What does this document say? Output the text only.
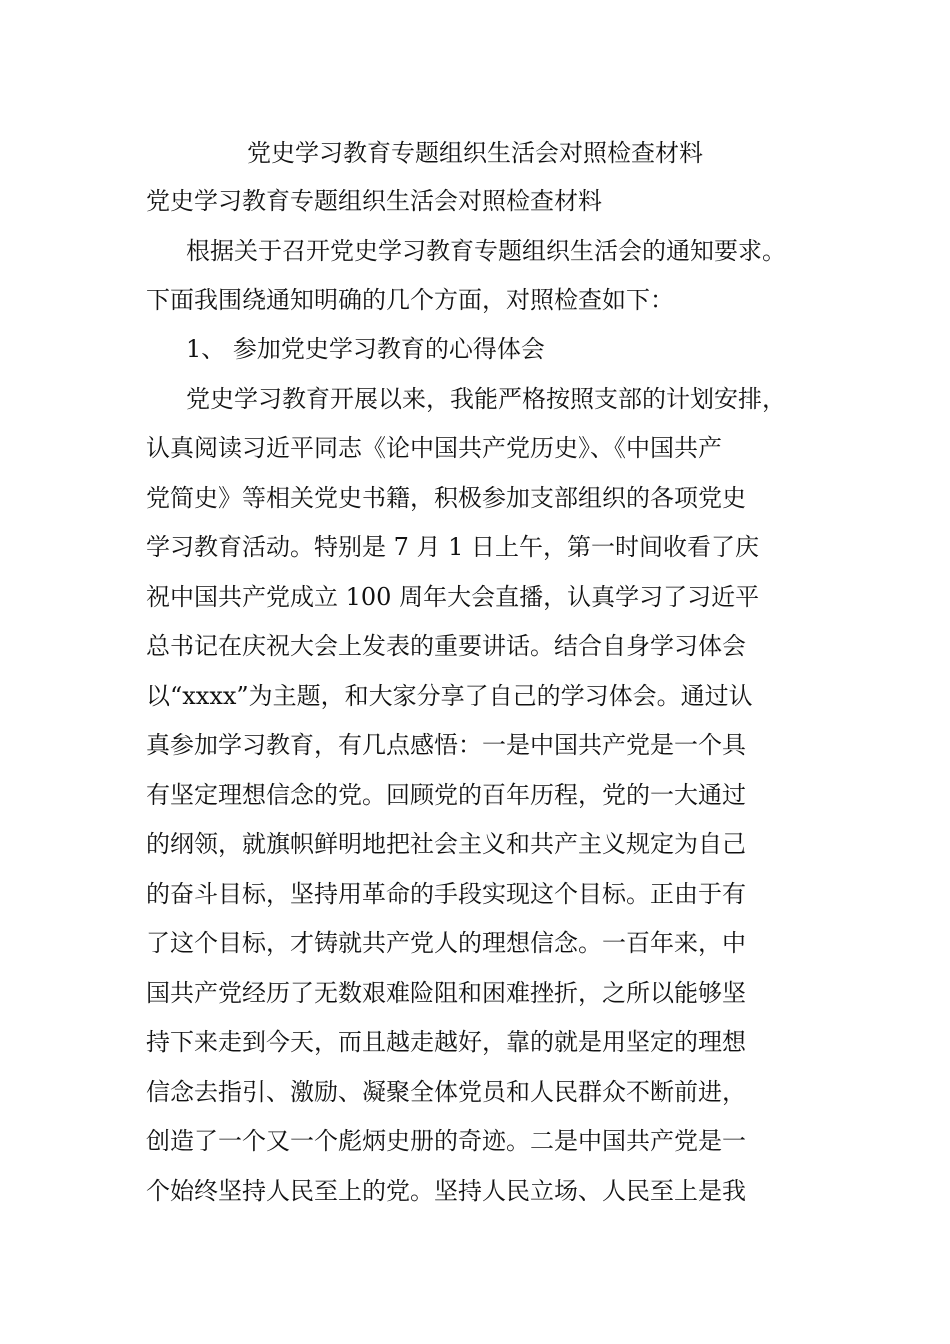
党史学习教育专题组织生活会对照检查材料
党史学习教育专题组织生活会对照检查材料
根据关于召开党史学习教育专题组织生活会的通知要求。
下面我围绕通知明确的几个方面，对照检查如下：
1、 参加党史学习教育的心得体会
党史学习教育开展以来，我能严格按照支部的计划安排，
认真阅读习近平同志《论中国共产党历史》、《中国共产
党简史》等相关党史书籍，积极参加支部组织的各项党史
学习教育活动。特别是 7 月 1 日上午，第一时间收看了庆
祝中国共产党成立 100 周年大会直播，认真学习了习近平
总书记在庆祝大会上发表的重要讲话。结合自身学习体会
以“xxxx”为主题，和大家分享了自己的学习体会。通过认
真参加学习教育，有几点感悟：一是中国共产党是一个具
有坚定理想信念的党。回顾党的百年历程，党的一大通过
的纲领，就旗帜鲜明地把社会主义和共产主义规定为自己
的奋斗目标，坚持用革命的手段实现这个目标。正由于有
了这个目标，才铸就共产党人的理想信念。一百年来，中
国共产党经历了无数艰难险阻和困难挫折，之所以能够坚
持下来走到今天，而且越走越好，靠的就是用坚定的理想
信念去指引、激励、凝聚全体党员和人民群众不断前进，
创造了一个又一个彪炳史册的奇迹。二是中国共产党是一
个始终坚持人民至上的党。坚持人民立场、人民至上是我
